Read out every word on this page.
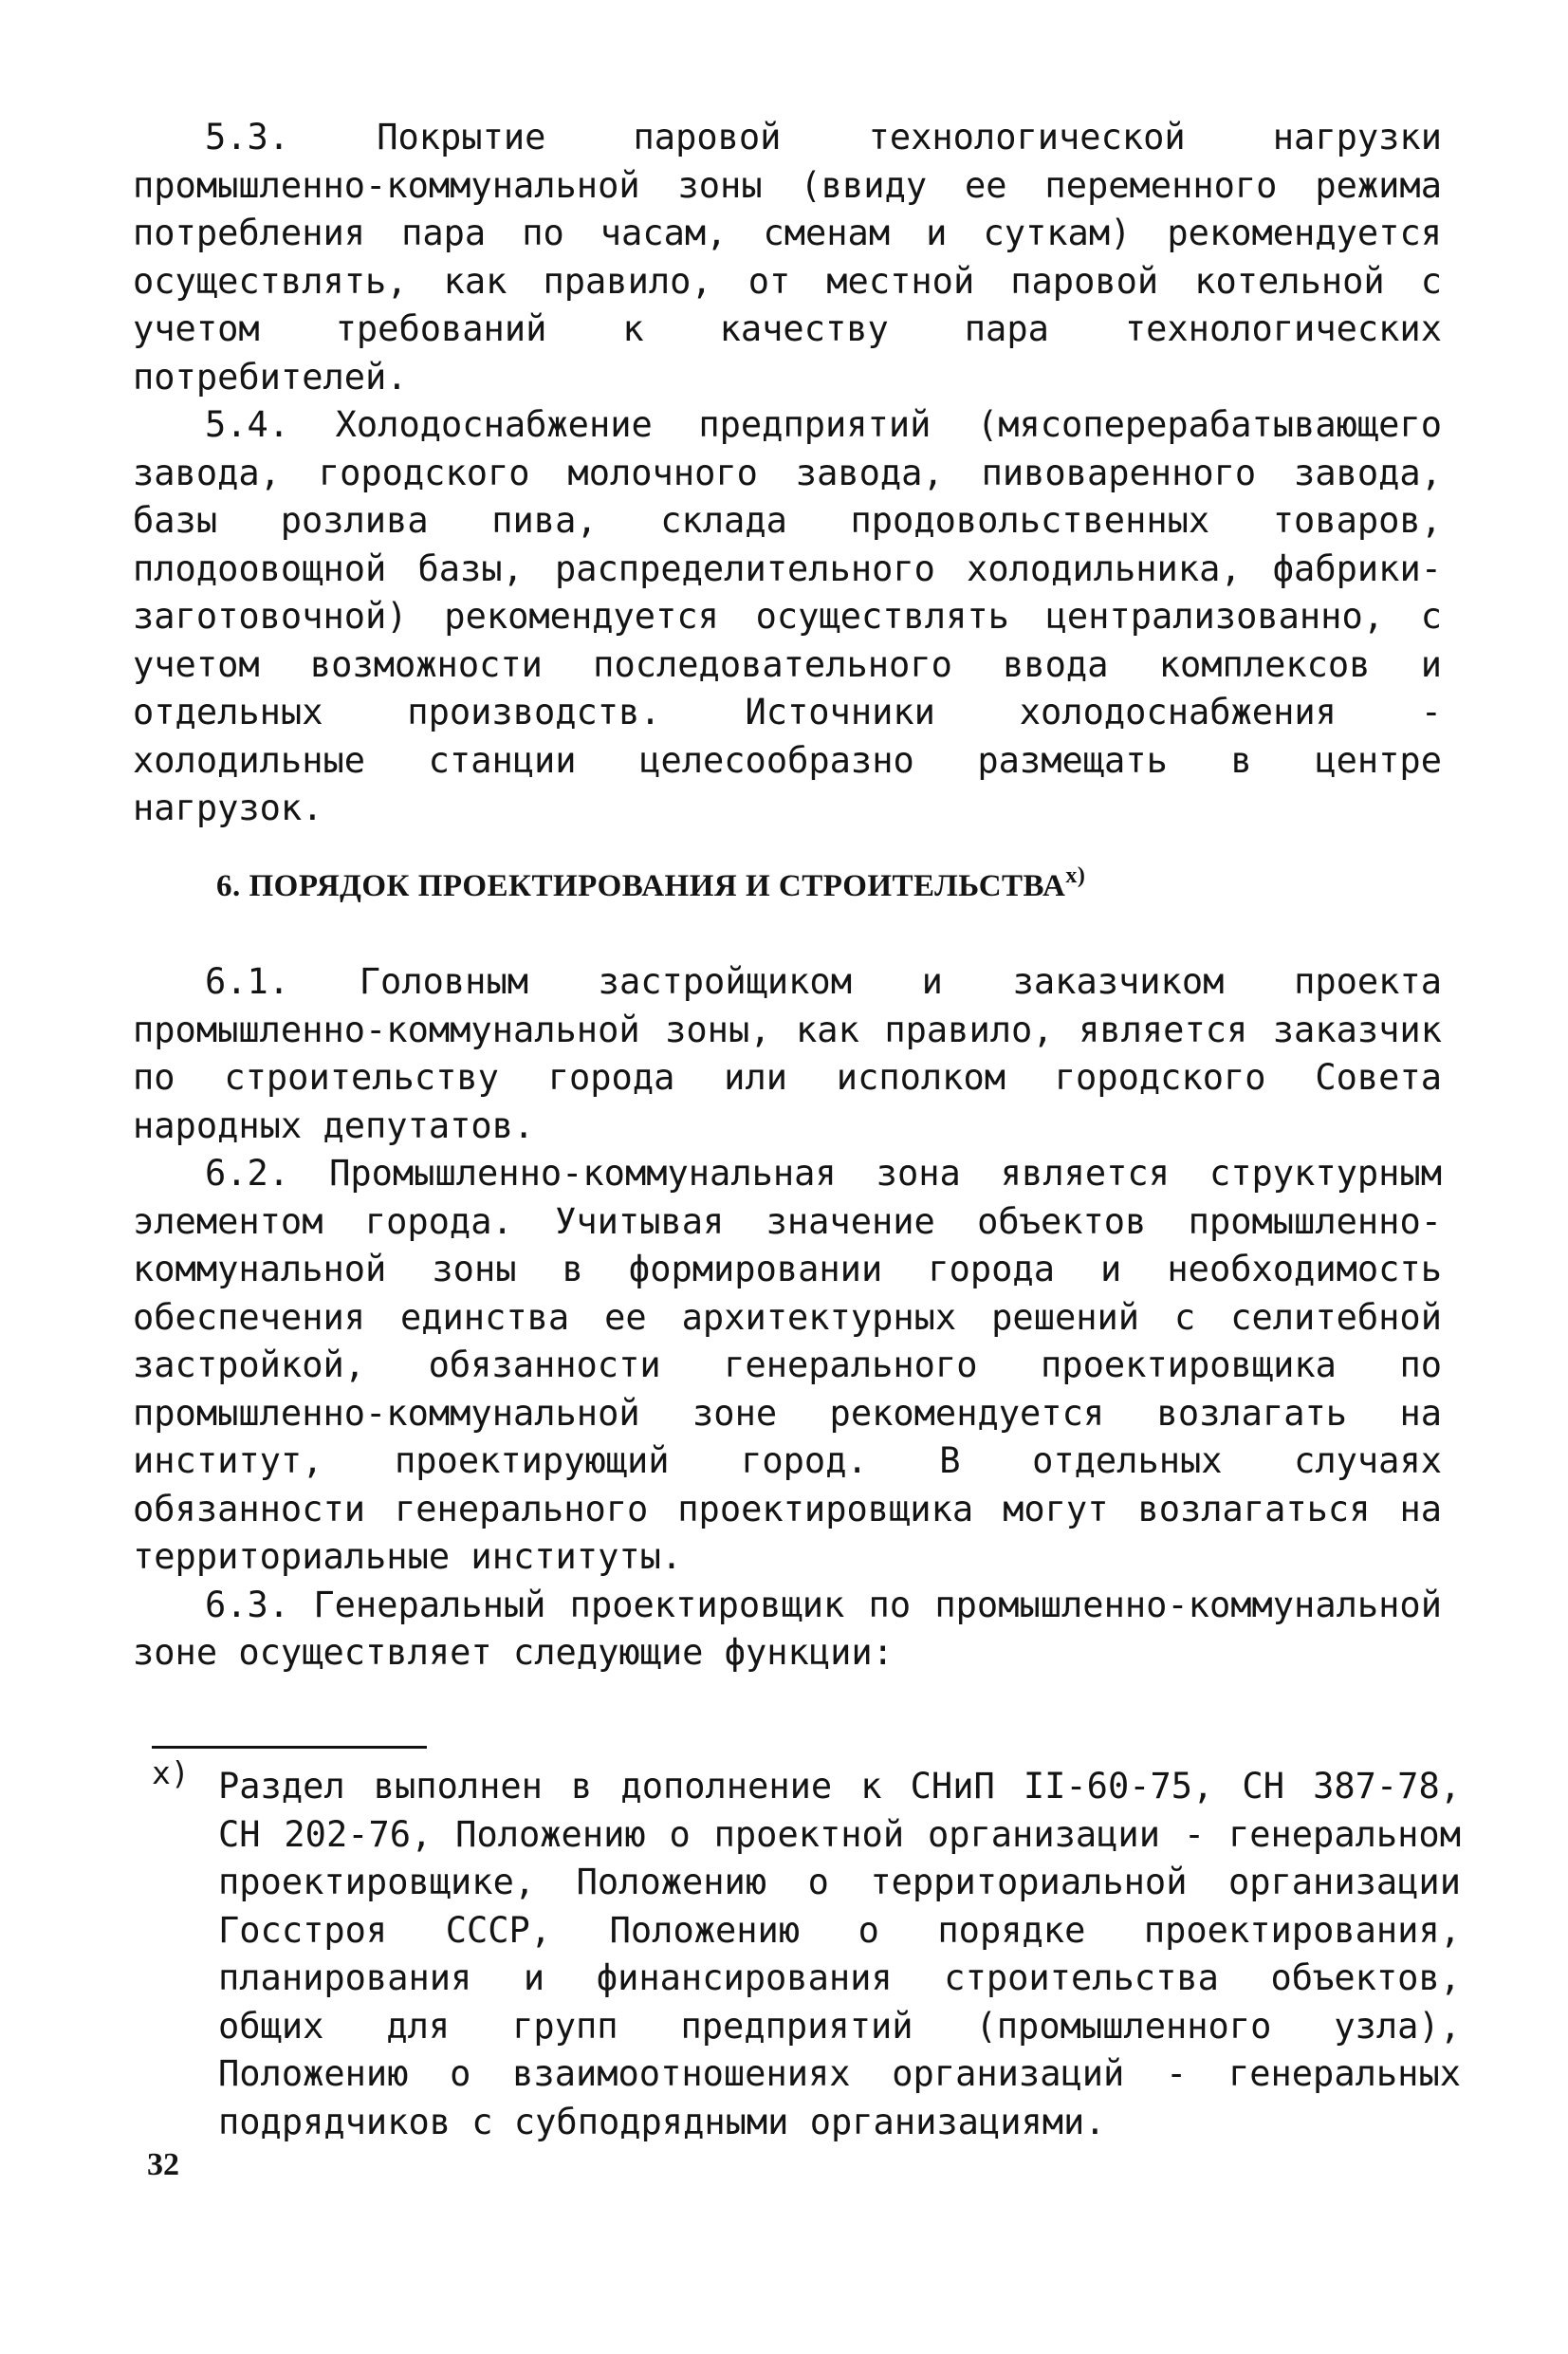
5.3. Покрытие паровой технологической нагрузки промышленно-коммунальной зоны (ввиду ее переменного режима потребления пара по часам, сменам и суткам) рекомендуется осуществлять, как правило, от местной паровой котельной с учетом требований к качеству пара технологических потребителей.

5.4. Холодоснабжение предприятий (мясоперерабатывающего завода, городского молочного завода, пивоваренного завода, базы розлива пива, склада продовольственных товаров, плодоовощной базы, распределительного холодильника, фабрики-заготовочной) рекомендуется осуществлять централизованно, с учетом возможности последовательного ввода комплексов и отдельных производств. Источники холодоснабжения - холодильные станции целесообразно размещать в центре нагрузок.

6. ПОРЯДОК ПРОЕКТИРОВАНИЯ И $СТРОИТЕЛЬСТВА^{х)}$

6.1. Головным застройщиком и заказчиком проекта промышленно-коммунальной зоны, как правило, является заказчик по строительству города или исполком городского Совета народных депутатов.

6.2. Промышленно-коммунальная зона является структурным элементом города. Учитывая значение объектов промышленно-коммунальной зоны в формировании города и необходимость обеспечения единства ее архитектурных решений с селитебной застройкой, обязанности генерального проектировщика по промышленно-коммунальной зоне рекомендуется возлагать на институт, проектирующий город. В отдельных случаях обязанности генерального проектировщика могут возлагаться на территориальные институты.

6.3. Генеральный проектировщик по промышленно-коммунальной зоне осуществляет следующие функции:

х) Раздел выполнен в дополнение к СНиП II-60-75, СН 387-78, СН 202-76, Положению о проектной организации - генеральном проектировщике, Положению о территориальной организации Госстроя СССР, Положению о порядке проектирования, планирования и финансирования строительства объектов, общих для групп предприятий (промышленного узла), Положению о взаимоотношениях организаций - генеральных подрядчиков с субподрядными организациями.
32
